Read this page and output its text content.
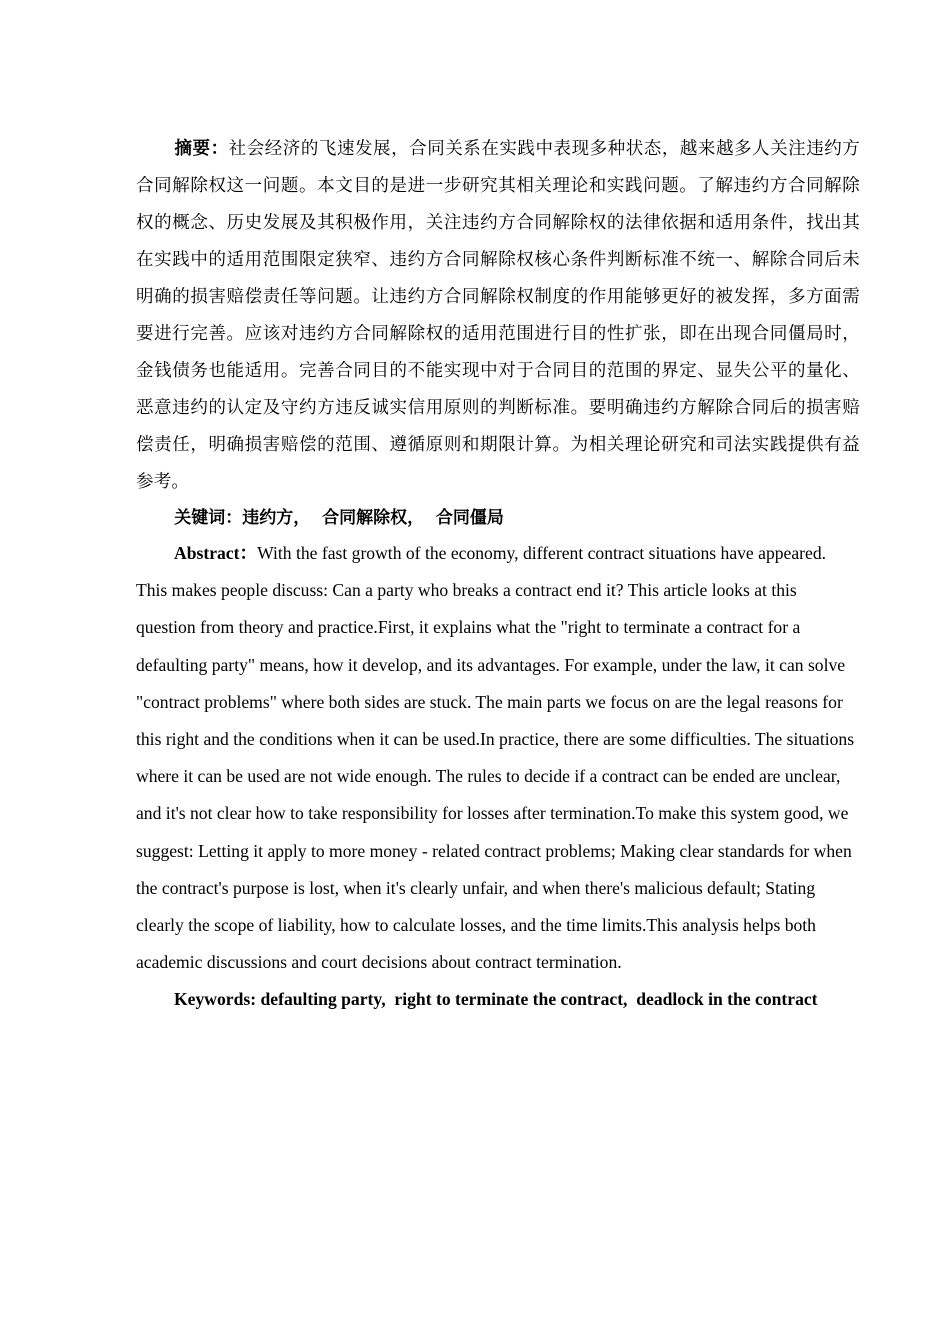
摘要：社会经济的飞速发展，合同关系在实践中表现多种状态，越来越多人关注违约方合同解除权这一问题。本文目的是进一步研究其相关理论和实践问题。了解违约方合同解除权的概念、历史发展及其积极作用，关注违约方合同解除权的法律依据和适用条件，找出其在实践中的适用范围限定狭窄、违约方合同解除权核心条件判断标准不统一、解除合同后未明确的损害赔偿责任等问题。让违约方合同解除权制度的作用能够更好的被发挥，多方面需要进行完善。应该对违约方合同解除权的适用范围进行目的性扩张，即在出现合同僵局时，金钱债务也能适用。完善合同目的不能实现中对于合同目的范围的界定、显失公平的量化、恶意违约的认定及守约方违反诚实信用原则的判断标准。要明确违约方解除合同后的损害赔偿责任，明确损害赔偿的范围、遵循原则和期限计算。为相关理论研究和司法实践提供有益参考。

关键词：违约方，  合同解除权，  合同僵局

Abstract：With the fast growth of the economy, different contract situations have appeared. This makes people discuss: Can a party who breaks a contract end it? This article looks at this question from theory and practice.First, it explains what the "right to terminate a contract for a defaulting party" means, how it develop, and its advantages. For example, under the law, it can solve "contract problems" where both sides are stuck. The main parts we focus on are the legal reasons for this right and the conditions when it can be used.In practice, there are some difficulties. The situations where it can be used are not wide enough. The rules to decide if a contract can be ended are unclear, and it's not clear how to take responsibility for losses after termination.To make this system good, we suggest: Letting it apply to more money - related contract problems; Making clear standards for when the contract's purpose is lost, when it's clearly unfair, and when there's malicious default; Stating clearly the scope of liability, how to calculate losses, and the time limits.This analysis helps both academic discussions and court decisions about contract termination.

Keywords: defaulting party,  right to terminate the contract,  deadlock in the contract
